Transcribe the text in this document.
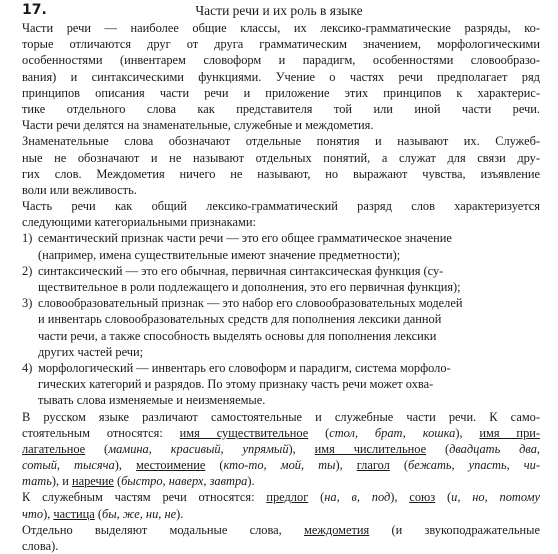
17.	Части речи и их роль в языке
Части речи — наиболее общие классы, их лексико-грамматические разряды, ко-
торые отличаются друг от друга грамматическим значением, морфологическими
особенностями (инвентарем словоформ и парадигм, особенностями словообразо-
вания) и синтаксическими функциями. Учение о частях речи предполагает ряд
принципов описания части речи и приложение этих принципов к характерис-
тике отдельного слова как представителя той или иной части речи.
Части речи делятся на знаменательные, служебные и междометия.
Знаменательные слова обозначают отдельные понятия и называют их. Служеб-
ные не обозначают и не называют отдельных понятий, а служат для связи дру-
гих слов. Междометия ничего не называют, но выражают чувства, изъявление
воли или вежливость.
Часть речи как общий лексико-грамматический разряд слов характеризуется
следующими категориальными признаками:
1) семантический признак части речи — это его общее грамматическое значение
(например, имена существительные имеют значение предметности);
2) синтаксический — это его обычная, первичная синтаксическая функция (су-
ществительное в роли подлежащего и дополнения, это его первичная функция);
3) словообразовательный признак — это набор его словообразовательных моделей
и инвентарь словообразовательных средств для пополнения лексики данной
части речи, а также способность выделять основы для пополнения лексики
других частей речи;
4) морфологический — инвентарь его словоформ и парадигм, система морфоло-
гических категорий и разрядов. По этому признаку часть речи может охва-
тывать слова изменяемые и неизменяемые.
В русском языке различают самостоятельные и служебные части речи. К само-
стоятельным относятся: имя существительное (стол, брат, кошка), имя при-
лагательное (мамина, красивый, упрямый), имя числительное (двадцать два,
сотый, тысяча), местоимение (кто-то, мой, ты), глагол (бежать, упасть, чи-
тать), и наречие (быстро, наверх, завтра).
К служебным частям речи относятся: предлог (на, в, под), союз (и, но, потому
что), частица (бы, же, ни, не).
Отдельно выделяют модальные слова, междометия (и звукоподражательные
слова).
